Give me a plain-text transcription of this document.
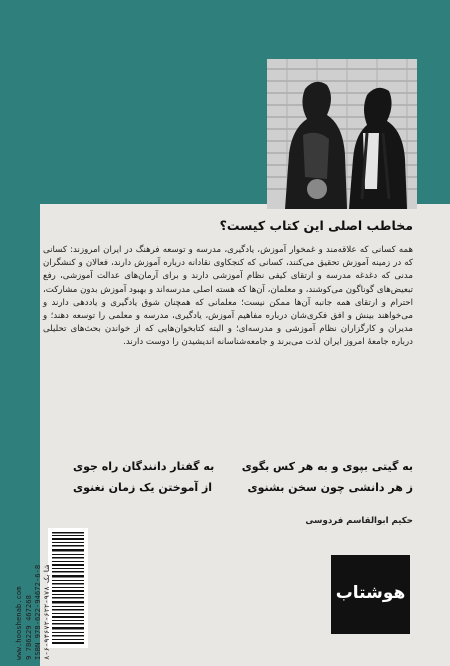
مخاطب اصلی این کتاب کیست؟
همه کسانی که علاقه‌مند و غمخوار آموزش، یادگیری، مدرسه و توسعه فرهنگ در ایران امروزند: کسانی که در زمینه آموزش تحقیق می‌کنند، کسانی که کنجکاوی نقادانه درباره آموزش دارند، فعالان و کنشگران مدنی که دغدغه مدرسه و ارتقای کیفی نظام آموزشی دارند و برای آرمان‌های عدالت آموزشی، رفع تبعیض‌های گوناگون می‌کوشند، و معلمان، آن‌ها که هسته اصلی مدرسه‌اند و بهبود آموزش بدون مشارکت، احترام و ارتقای همه جانبه آن‌ها ممکن نیست؛ معلمانی که همچنان شوق یادگیری و یاددهی دارند و می‌خواهند بینش و افق فکری‌شان درباره مفاهیم آموزش، یادگیری، مدرسه و معلمی را توسعه دهند؛ و مدیران و کارگزاران نظام آموزشی و مدرسه‌ای؛ و البته کتابخوان‌هایی که از خواندن بحث‌های تحلیلی درباره جامعهٔ امروز ایران لذت می‌برند و جامعه‌شناسانه اندیشیدن را دوست دارند.
به گیتی بپوی و به هر کس بگوی
به گفتار دانندگان راه جوی
ز هر دانشی چون سخن بشنوی
از آموختن یک زمان نغنوی
حکیم ابوالقاسم فردوسی
هوشتاب
9 786229 467268 ISBN 978-622-94672-6-8 شابک ۹۷۸-۶۲۲-۹۴۶۷۲-۶-۸
www.hooshenab.com
